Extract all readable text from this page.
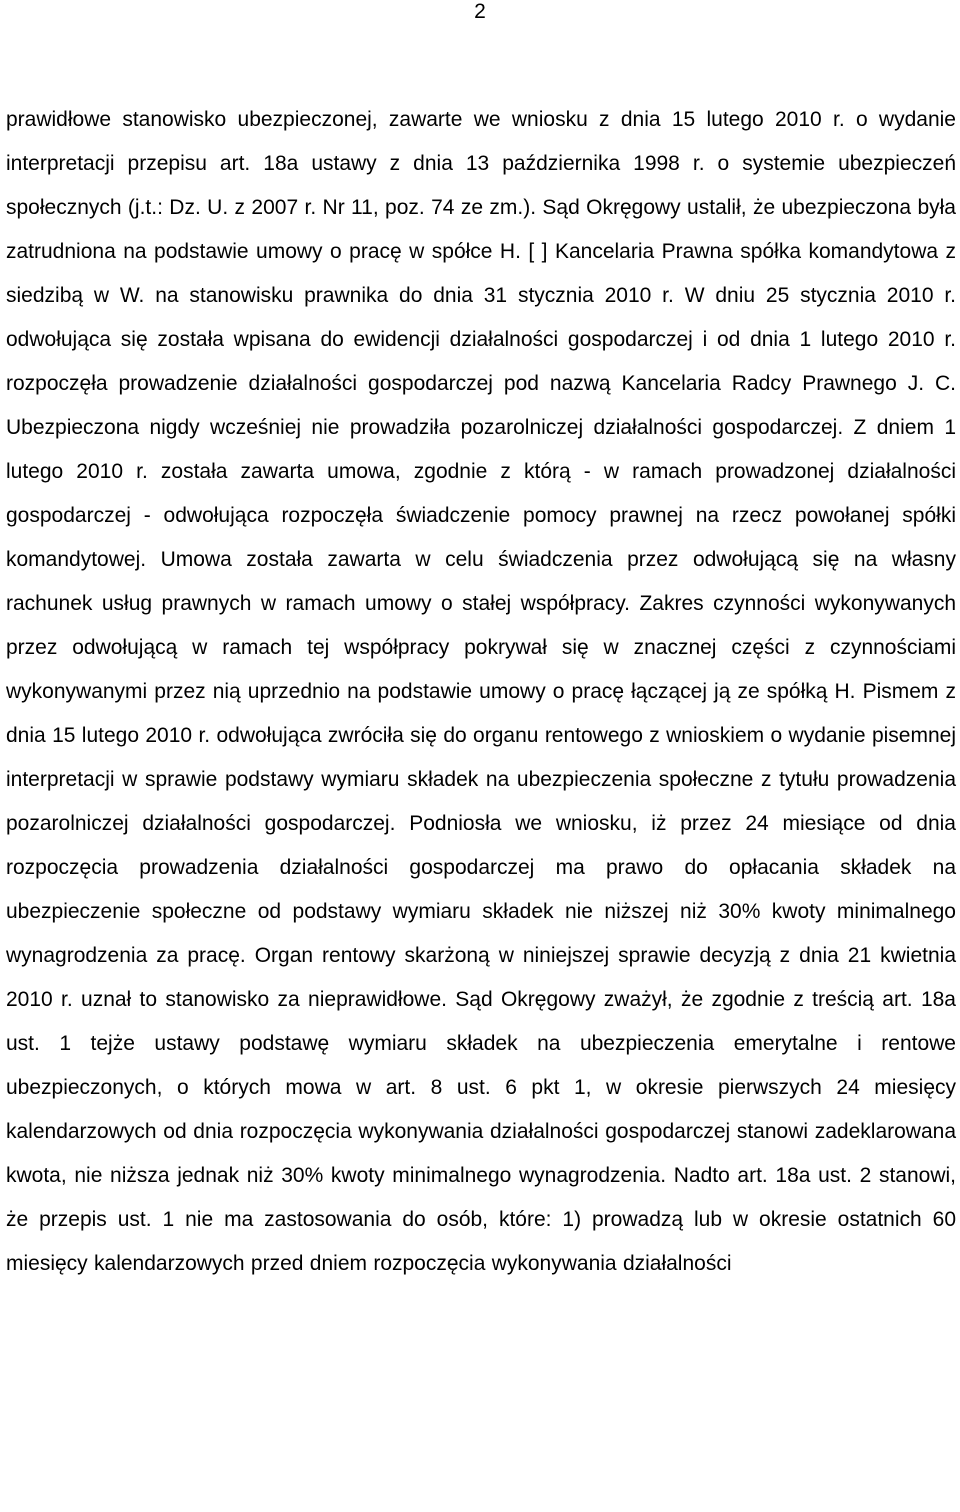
2

prawidłowe stanowisko ubezpieczonej, zawarte we wniosku z dnia 15 lutego 2010 r. o wydanie interpretacji przepisu art. 18a ustawy z dnia 13 października 1998 r. o systemie ubezpieczeń społecznych (j.t.: Dz. U. z 2007 r. Nr 11, poz. 74 ze zm.). Sąd Okręgowy ustalił, że ubezpieczona była zatrudniona na podstawie umowy o pracę w spółce H. [ ] Kancelaria Prawna spółka komandytowa z siedzibą w W. na stanowisku prawnika do dnia 31 stycznia 2010 r. W dniu 25 stycznia 2010 r. odwołująca się została wpisana do ewidencji działalności gospodarczej i od dnia 1 lutego 2010 r. rozpoczęła prowadzenie działalności gospodarczej pod nazwą Kancelaria Radcy Prawnego J. C. Ubezpieczona nigdy wcześniej nie prowadziła pozarolniczej działalności gospodarczej. Z dniem 1 lutego 2010 r. została zawarta umowa, zgodnie z którą - w ramach prowadzonej działalności gospodarczej - odwołująca rozpoczęła świadczenie pomocy prawnej na rzecz powołanej spółki komandytowej. Umowa została zawarta w celu świadczenia przez odwołującą się na własny rachunek usług prawnych w ramach umowy o stałej współpracy. Zakres czynności wykonywanych przez odwołującą w ramach tej współpracy pokrywał się w znacznej części z czynnościami wykonywanymi przez nią uprzednio na podstawie umowy o pracę łączącej ją ze spółką H. Pismem z dnia 15 lutego 2010 r. odwołująca zwróciła się do organu rentowego z wnioskiem o wydanie pisemnej interpretacji w sprawie podstawy wymiaru składek na ubezpieczenia społeczne z tytułu prowadzenia pozarolniczej działalności gospodarczej. Podniosła we wniosku, iż przez 24 miesiące od dnia rozpoczęcia prowadzenia działalności gospodarczej ma prawo do opłacania składek na ubezpieczenie społeczne od podstawy wymiaru składek nie niższej niż 30% kwoty minimalnego wynagrodzenia za pracę. Organ rentowy skarżoną w niniejszej sprawie decyzją z dnia 21 kwietnia 2010 r. uznał to stanowisko za nieprawidłowe. Sąd Okręgowy zważył, że zgodnie z treścią art. 18a ust. 1 tejże ustawy podstawę wymiaru składek na ubezpieczenia emerytalne i rentowe ubezpieczonych, o których mowa w art. 8 ust. 6 pkt 1, w okresie pierwszych 24 miesięcy kalendarzowych od dnia rozpoczęcia wykonywania działalności gospodarczej stanowi zadeklarowana kwota, nie niższa jednak niż 30% kwoty minimalnego wynagrodzenia. Nadto art. 18a ust. 2 stanowi, że przepis ust. 1 nie ma zastosowania do osób, które: 1) prowadzą lub w okresie ostatnich 60 miesięcy kalendarzowych przed dniem rozpoczęcia wykonywania działalności
